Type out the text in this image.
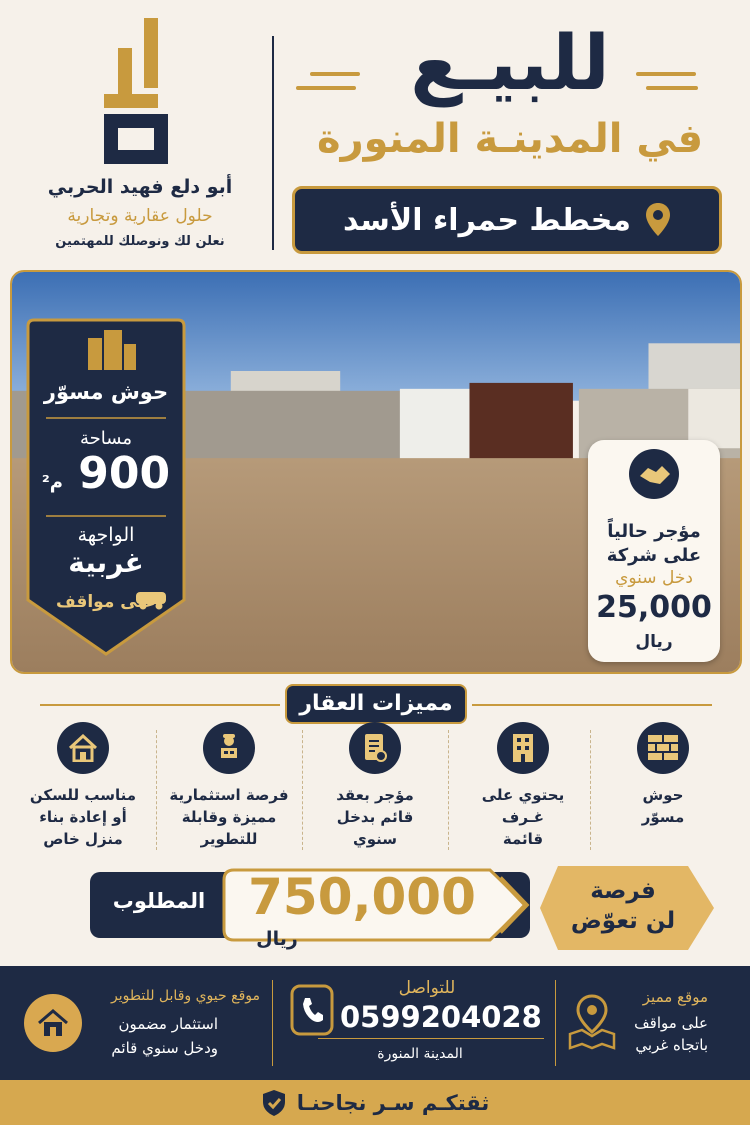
أبو دلع فهيد الحربي
حلول عقارية وتجارية
نعلن لك ونوصلك للمهتمين
للبيـع
في المدينـة المنورة
مخطط حمراء الأسد
حوش مسوّر
مساحة
900 م²
الواجهة
غربية
على مواقف
مؤجر حالياً
على شركة
دخل سنوي
25,000
ريال
مميزات العقار
حوش
مسوّر
يحتوي على
غـرف
قائمة
مؤجر بعقد
قائم بدخل
سنوي
فرصة استثمارية
مميزة وقابلة
للتطوير
مناسب للسكن
أو إعادة بناء
منزل خاص
750,000
ريال
المطلوب	فرصة
لن تعوّض
موقع حيوي وقابل للتطوير
استثمار مضمون
ودخل سنوي قائم
للتواصل
0599204028
المدينة المنورة
موقع مميز
على مواقف
باتجاه غربي
ثقتكـم سـر نجاحنـا
